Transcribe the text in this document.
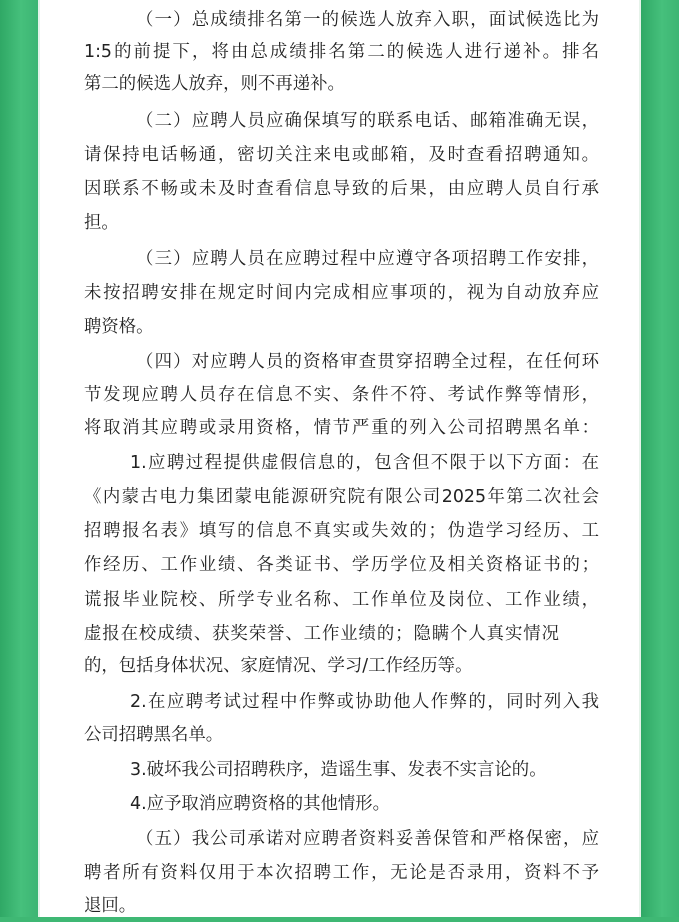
（一）总成绩排名第一的候选人放弃入职，面试候选比为
1:5的前提下，将由总成绩排名第二的候选人进行递补。排名
第二的候选人放弃，则不再递补。
（二）应聘人员应确保填写的联系电话、邮箱准确无误，
请保持电话畅通，密切关注来电或邮箱，及时查看招聘通知。
因联系不畅或未及时查看信息导致的后果，由应聘人员自行承
担。
（三）应聘人员在应聘过程中应遵守各项招聘工作安排，
未按招聘安排在规定时间内完成相应事项的，视为自动放弃应
聘资格。
（四）对应聘人员的资格审查贯穿招聘全过程，在任何环
节发现应聘人员存在信息不实、条件不符、考试作弊等情形，
将取消其应聘或录用资格，情节严重的列入公司招聘黑名单：
1.应聘过程提供虚假信息的，包含但不限于以下方面：在
《内蒙古电力集团蒙电能源研究院有限公司2025年第二次社会
招聘报名表》填写的信息不真实或失效的；伪造学习经历、工
作经历、工作业绩、各类证书、学历学位及相关资格证书的；
谎报毕业院校、所学专业名称、工作单位及岗位、工作业绩，
虚报在校成绩、获奖荣誉、工作业绩的；隐瞒个人真实情况
的，包括身体状况、家庭情况、学习/工作经历等。
2.在应聘考试过程中作弊或协助他人作弊的，同时列入我
公司招聘黑名单。
3.破坏我公司招聘秩序，造谣生事、发表不实言论的。
4.应予取消应聘资格的其他情形。
（五）我公司承诺对应聘者资料妥善保管和严格保密，应
聘者所有资料仅用于本次招聘工作，无论是否录用，资料不予
退回。
